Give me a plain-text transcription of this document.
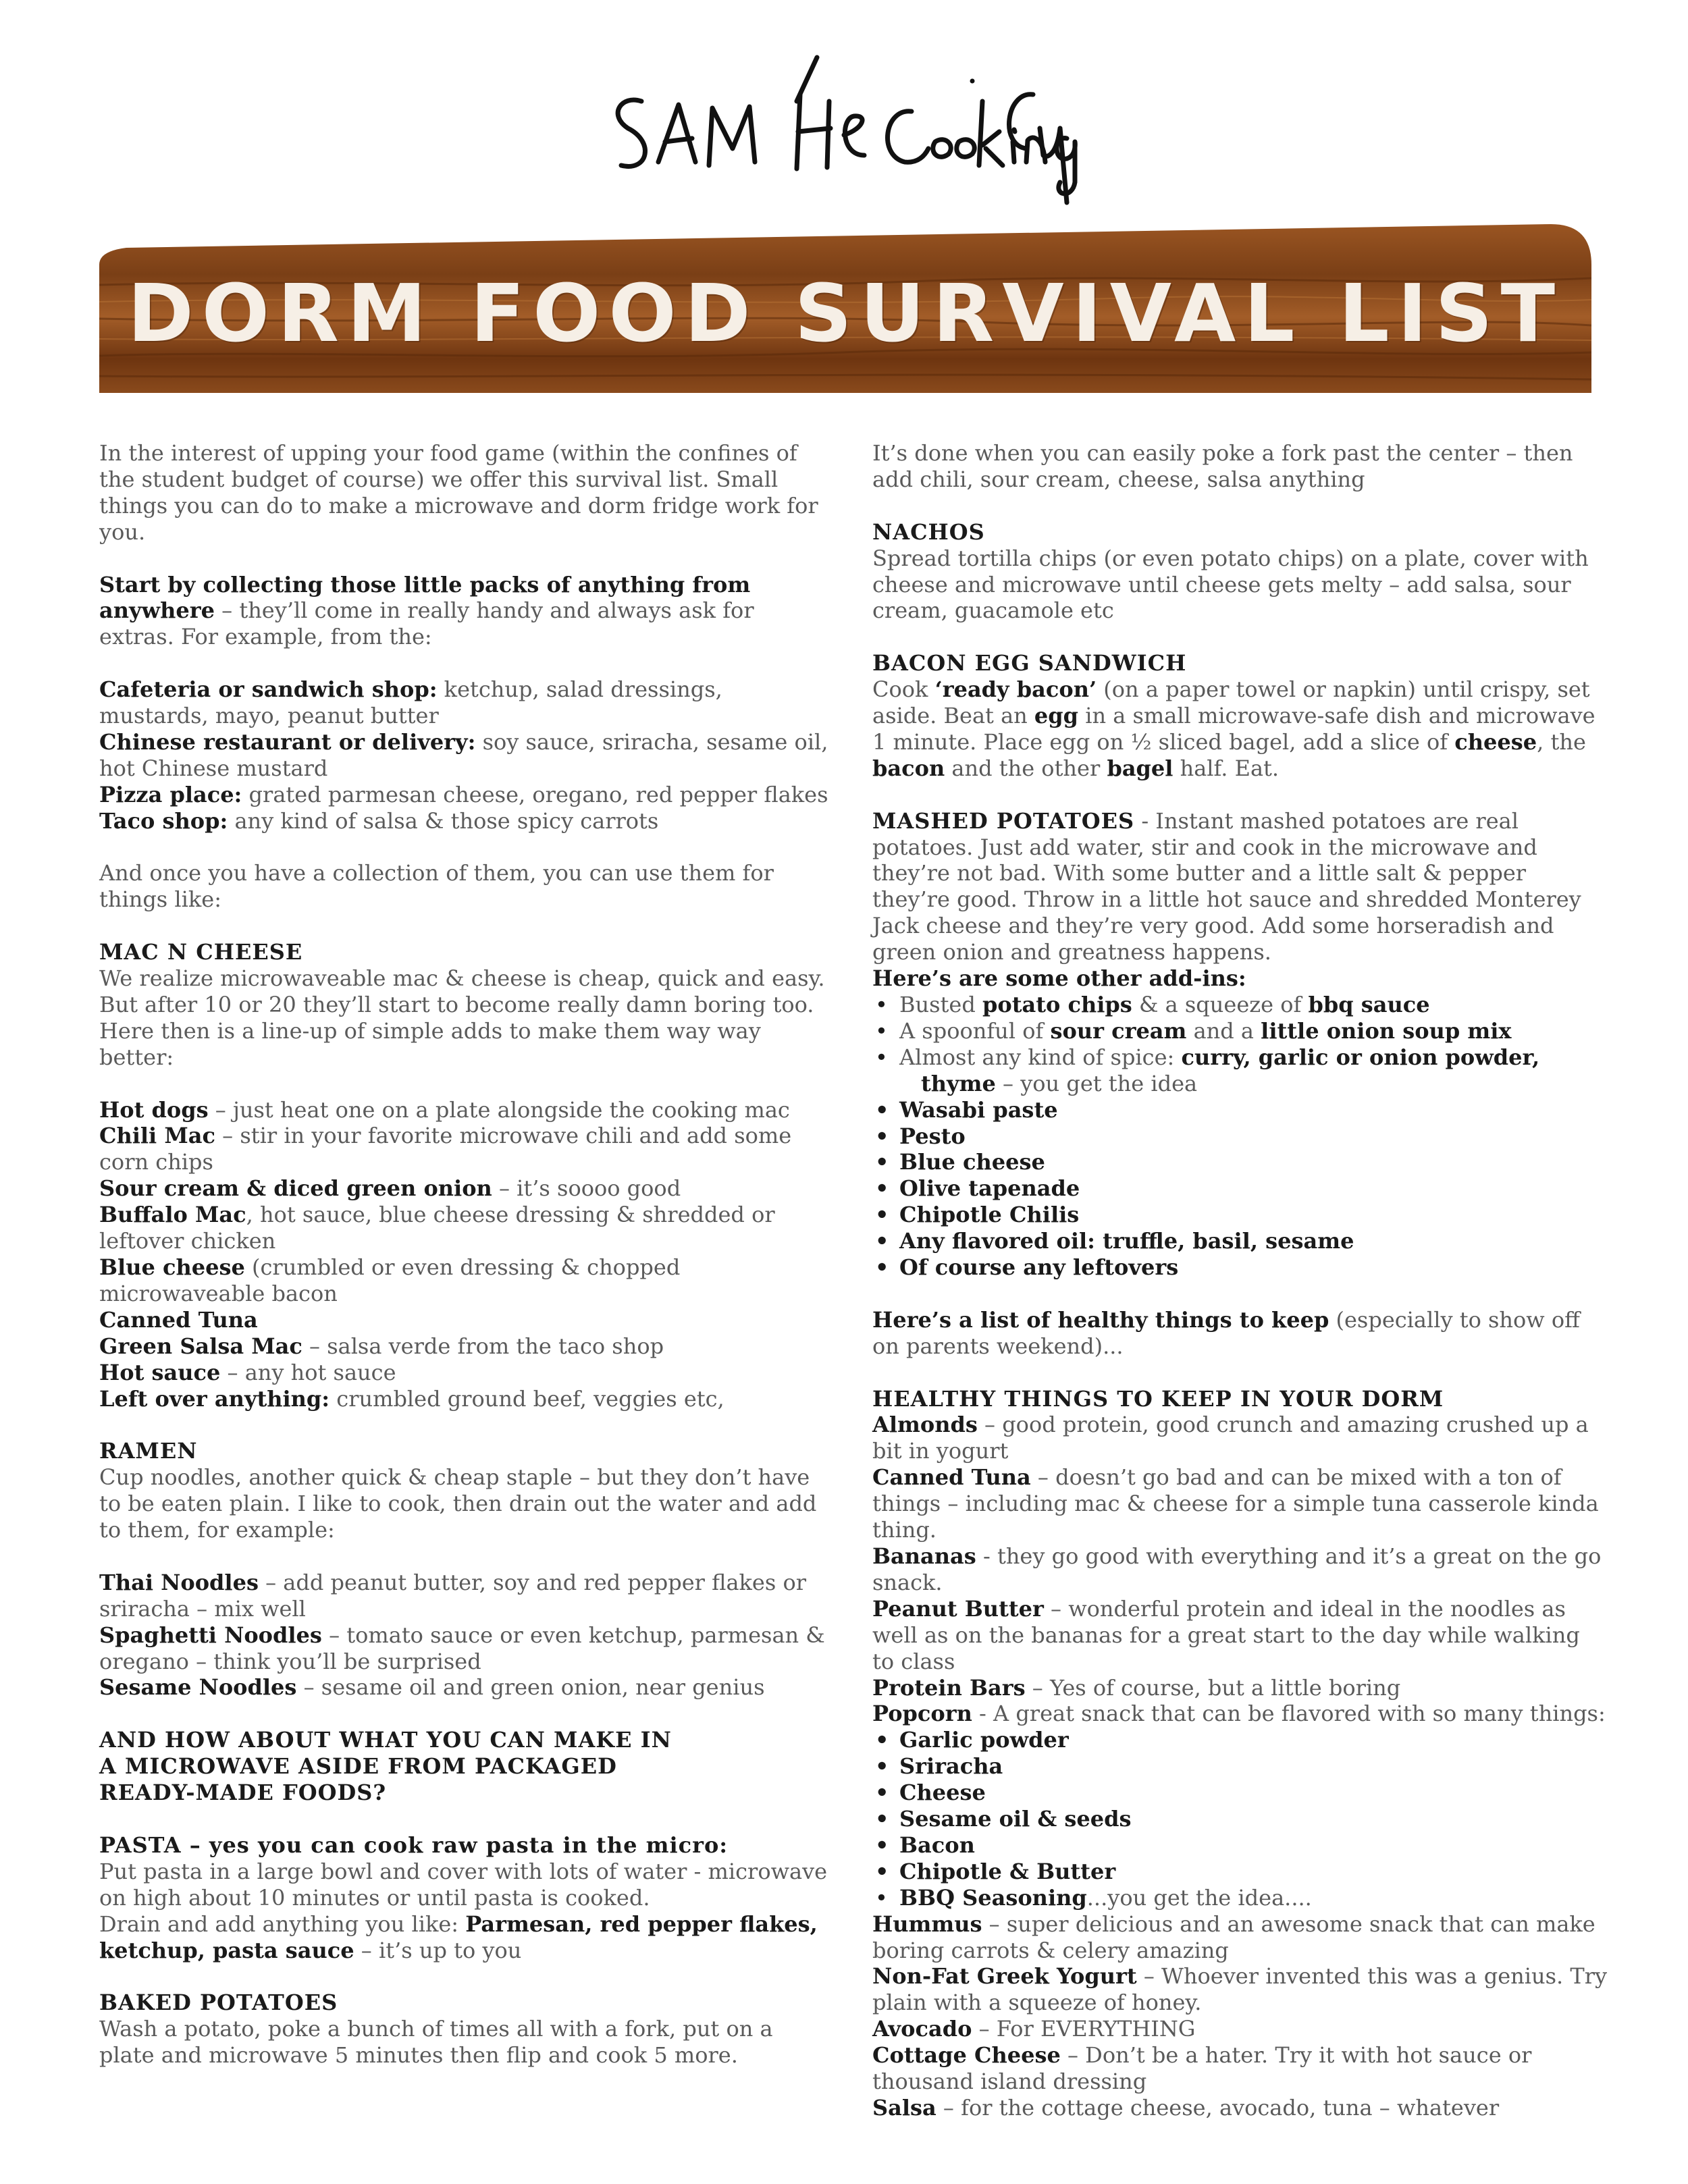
DORM FOOD SURVIVAL LIST

In the interest of upping your food game (within the confines of the student budget of course) we offer this survival list. Small things you can do to make a microwave and dorm fridge work for you.

Start by collecting those little packs of anything from anywhere – they’ll come in really handy and always ask for extras. For example, from the:

Cafeteria or sandwich shop: ketchup, salad dressings, mustards, mayo, peanut butter

Chinese restaurant or delivery: soy sauce, sriracha, sesame oil, hot Chinese mustard

Pizza place: grated parmesan cheese, oregano, red pepper flakes

Taco shop: any kind of salsa & those spicy carrots

And once you have a collection of them, you can use them for things like:

MAC N CHEESE

We realize microwaveable mac & cheese is cheap, quick and easy. But after 10 or 20 they’ll start to become really damn boring too. Here then is a line-up of simple adds to make them way way better:

Hot dogs – just heat one on a plate alongside the cooking mac

Chili Mac – stir in your favorite microwave chili and add some corn chips

Sour cream & diced green onion – it’s soooo good

Buffalo Mac, hot sauce, blue cheese dressing & shredded or leftover chicken

Blue cheese (crumbled or even dressing & chopped microwaveable bacon

Canned Tuna

Green Salsa Mac – salsa verde from the taco shop

Hot sauce – any hot sauce

Left over anything: crumbled ground beef, veggies etc,

RAMEN

Cup noodles, another quick & cheap staple – but they don’t have to be eaten plain. I like to cook, then drain out the water and add to them, for example:

Thai Noodles – add peanut butter, soy and red pepper flakes or sriracha – mix well

Spaghetti Noodles – tomato sauce or even ketchup, parmesan & oregano – think you’ll be surprised

Sesame Noodles – sesame oil and green onion, near genius

AND HOW ABOUT WHAT YOU CAN MAKE IN

A MICROWAVE ASIDE FROM PACKAGED

READY-MADE FOODS?

PASTA – yes you can cook raw pasta in the micro:

Put pasta in a large bowl and cover with lots of water - microwave on high about 10 minutes or until pasta is cooked.

Drain and add anything you like: Parmesan, red pepper flakes, ketchup, pasta sauce – it’s up to you

BAKED POTATOES

Wash a potato, poke a bunch of times all with a fork, put on a plate and microwave 5 minutes then flip and cook 5 more.

It’s done when you can easily poke a fork past the center – then add chili, sour cream, cheese, salsa anything

NACHOS

Spread tortilla chips (or even potato chips) on a plate, cover with cheese and microwave until cheese gets melty – add salsa, sour cream, guacamole etc

BACON EGG SANDWICH

Cook ‘ready bacon’ (on a paper towel or napkin) until crispy, set aside. Beat an egg in a small microwave-safe dish and microwave 1 minute. Place egg on ½ sliced bagel, add a slice of cheese, the bacon and the other bagel half. Eat.

MASHED POTATOES - Instant mashed potatoes are real potatoes. Just add water, stir and cook in the microwave and they’re not bad. With some butter and a little salt & pepper they’re good. Throw in a little hot sauce and shredded Monterey Jack cheese and they’re very good. Add some horseradish and green onion and greatness happens.

Here’s are some other add-ins:

• Busted potato chips & a squeeze of bbq sauce

• A spoonful of sour cream and a little onion soup mix

• Almost any kind of spice: curry, garlic or onion powder,
thyme – you get the idea

• Wasabi paste

• Pesto

• Blue cheese

• Olive tapenade

• Chipotle Chilis

• Any flavored oil: truffle, basil, sesame

• Of course any leftovers

Here’s a list of healthy things to keep (especially to show off on parents weekend)...

HEALTHY THINGS TO KEEP IN YOUR DORM

Almonds – good protein, good crunch and amazing crushed up a bit in yogurt

Canned Tuna – doesn’t go bad and can be mixed with a ton of things – including mac & cheese for a simple tuna casserole kinda thing.

Bananas - they go good with everything and it’s a great on the go snack.

Peanut Butter – wonderful protein and ideal in the noodles as well as on the bananas for a great start to the day while walking to class

Protein Bars – Yes of course, but a little boring

Popcorn - A great snack that can be flavored with so many things:

• Garlic powder

• Sriracha

• Cheese

• Sesame oil & seeds

• Bacon

• Chipotle & Butter

• BBQ Seasoning...you get the idea....

Hummus – super delicious and an awesome snack that can make boring carrots & celery amazing

Non-Fat Greek Yogurt – Whoever invented this was a genius. Try plain with a squeeze of honey.

Avocado – For EVERYTHING

Cottage Cheese – Don’t be a hater. Try it with hot sauce or thousand island dressing

Salsa – for the cottage cheese, avocado, tuna – whatever
